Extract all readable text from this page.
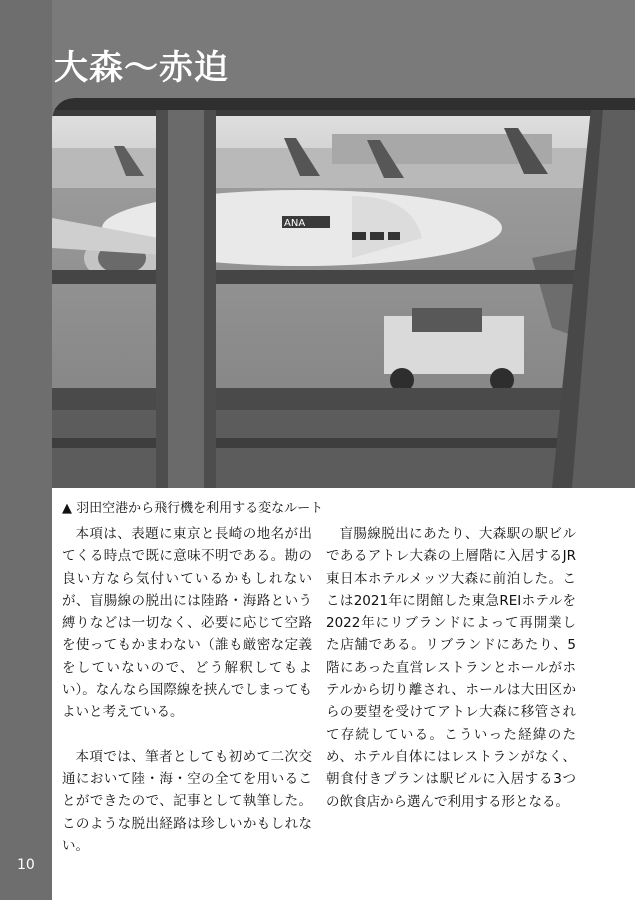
大森～赤迫
ANA
▲ 羽田空港から飛行機を利用する変なルート

本項は、表題に東京と長崎の地名が出てくる時点で既に意味不明である。勘の良い方なら気付いているかもしれないが、盲腸線の脱出には陸路・海路という縛りなどは一切なく、必要に応じて空路を使ってもかまわない（誰も厳密な定義をしていないので、どう解釈してもよい）。なんなら国際線を挟んでしまってもよいと考えている。

本項では、筆者としても初めて二次交通において陸・海・空の全てを用いることができたので、記事として執筆した。このような脱出経路は珍しいかもしれない。

盲腸線脱出にあたり、大森駅の駅ビルであるアトレ大森の上層階に入居するJR東日本ホテルメッツ大森に前泊した。ここは2021年に閉館した東急REIホテルを2022年にリブランドによって再開業した店舗である。リブランドにあたり、5階にあった直営レストランとホールがホテルから切り離され、ホールは大田区からの要望を受けてアトレ大森に移管されて存続している。こういった経緯のため、ホテル自体にはレストランがなく、朝食付きプランは駅ビルに入居する3つの飲食店から選んで利用する形となる。

10
